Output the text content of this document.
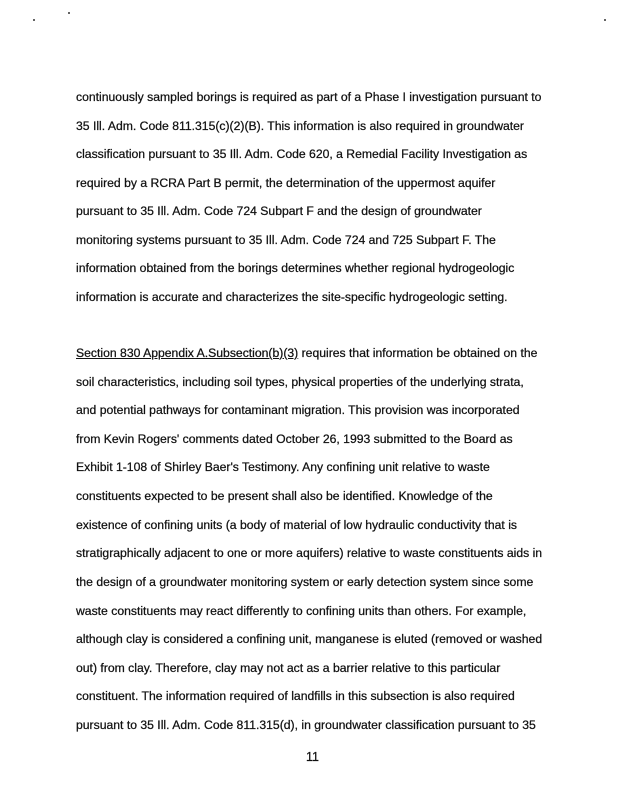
continuously sampled borings is required as part of a Phase I investigation pursuant to
35 Ill. Adm. Code 811.315(c)(2)(B). This information is also required in groundwater
classification pursuant to 35 Ill. Adm. Code 620, a Remedial Facility Investigation as
required by a RCRA Part B permit, the determination of the uppermost aquifer
pursuant to 35 Ill. Adm. Code 724 Subpart F and the design of groundwater
monitoring systems pursuant to 35 Ill. Adm. Code 724 and 725 Subpart F. The
information obtained from the borings determines whether regional hydrogeologic
information is accurate and characterizes the site-specific hydrogeologic setting.
Section 830 Appendix A.Subsection(b)(3) requires that information be obtained on the
soil characteristics, including soil types, physical properties of the underlying strata,
and potential pathways for contaminant migration. This provision was incorporated
from Kevin Rogers' comments dated October 26, 1993 submitted to the Board as
Exhibit 1-108 of Shirley Baer's Testimony. Any confining unit relative to waste
constituents expected to be present shall also be identified. Knowledge of the
existence of confining units (a body of material of low hydraulic conductivity that is
stratigraphically adjacent to one or more aquifers) relative to waste constituents aids in
the design of a groundwater monitoring system or early detection system since some
waste constituents may react differently to confining units than others. For example,
although clay is considered a confining unit, manganese is eluted (removed or washed
out) from clay. Therefore, clay may not act as a barrier relative to this particular
constituent. The information required of landfills in this subsection is also required
pursuant to 35 Ill. Adm. Code 811.315(d), in groundwater classification pursuant to 35
11
